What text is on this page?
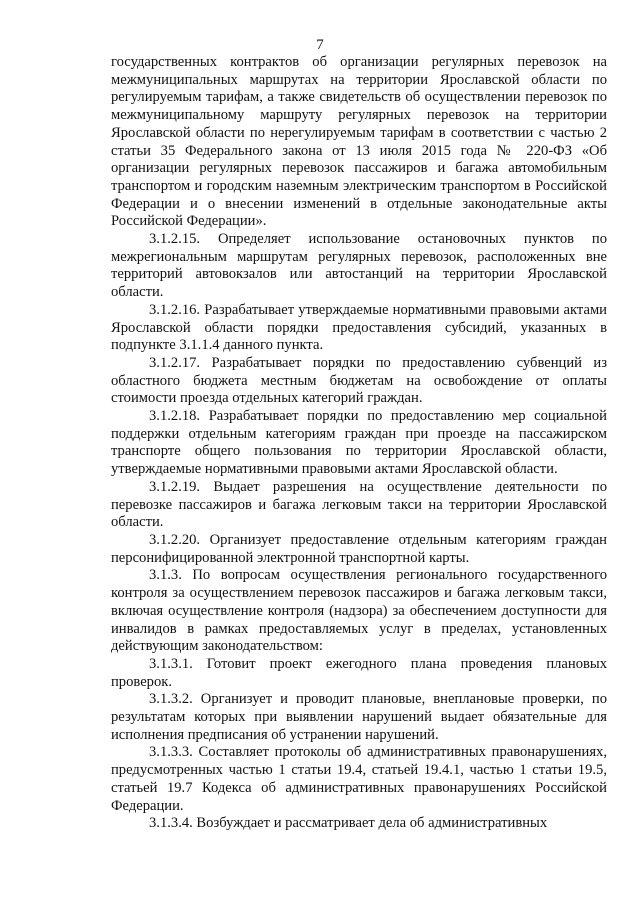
7

государственных контрактов об организации регулярных перевозок на межмуниципальных маршрутах на территории Ярославской области по регулируемым тарифам, а также свидетельств об осуществлении перевозок по межмуниципальному маршруту регулярных перевозок на территории Ярославской области по нерегулируемым тарифам в соответствии с частью 2 статьи 35 Федерального закона от 13 июля 2015 года № 220-ФЗ «Об организации регулярных перевозок пассажиров и багажа автомобильным транспортом и городским наземным электрическим транспортом в Российской Федерации и о внесении изменений в отдельные законодательные акты Российской Федерации».

3.1.2.15. Определяет использование остановочных пунктов по межрегиональным маршрутам регулярных перевозок, расположенных вне территорий автовокзалов или автостанций на территории Ярославской области.

3.1.2.16. Разрабатывает утверждаемые нормативными правовыми актами Ярославской области порядки предоставления субсидий, указанных в подпункте 3.1.1.4 данного пункта.

3.1.2.17. Разрабатывает порядки по предоставлению субвенций из областного бюджета местным бюджетам на освобождение от оплаты стоимости проезда отдельных категорий граждан.

3.1.2.18. Разрабатывает порядки по предоставлению мер социальной поддержки отдельным категориям граждан при проезде на пассажирском транспорте общего пользования по территории Ярославской области, утверждаемые нормативными правовыми актами Ярославской области.

3.1.2.19. Выдает разрешения на осуществление деятельности по перевозке пассажиров и багажа легковым такси на территории Ярославской области.

3.1.2.20. Организует предоставление отдельным категориям граждан персонифицированной электронной транспортной карты.

3.1.3. По вопросам осуществления регионального государственного контроля за осуществлением перевозок пассажиров и багажа легковым такси, включая осуществление контроля (надзора) за обеспечением доступности для инвалидов в рамках предоставляемых услуг в пределах, установленных действующим законодательством:

3.1.3.1. Готовит проект ежегодного плана проведения плановых проверок.

3.1.3.2. Организует и проводит плановые, внеплановые проверки, по результатам которых при выявлении нарушений выдает обязательные для исполнения предписания об устранении нарушений.

3.1.3.3. Составляет протоколы об административных правонарушениях, предусмотренных частью 1 статьи 19.4, статьей 19.4.1, частью 1 статьи 19.5, статьей 19.7 Кодекса об административных правонарушениях Российской Федерации.

3.1.3.4. Возбуждает и рассматривает дела об административных
